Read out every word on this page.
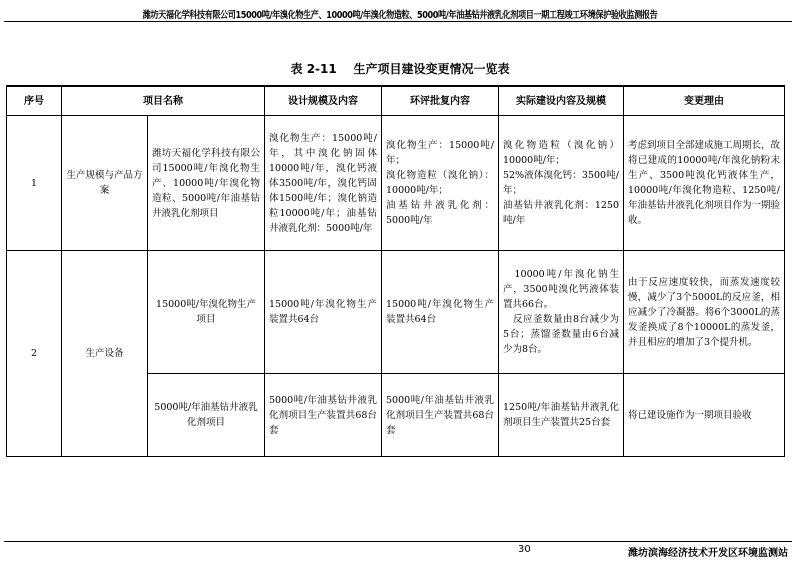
潍坊天福化学科技有限公司15000吨/年溴化物生产、10000吨/年溴化物造粒、5000吨/年油基钻井液乳化剂项目一期工程竣工环境保护验收监测报告
表 2-11    生产项目建设变更情况一览表
序号	项目名称		设计规模及内容	环评批复内容	实际建设内容及规模	变更理由
1	生产规模与产品方案	潍坊天福化学科技有限公司15000吨/年溴化物生产、10000吨/年溴化物造粒、5000吨/年油基钻井液乳化剂项目	溴化物生产：15000吨/年，其中溴化钠固体10000吨/年，溴化钙液体3500吨/年，溴化钙固体1500吨/年；溴化钠造粒10000吨/年；油基钻井液乳化剂：5000吨/年	溴化物生产：15000吨/年；
溴化物造粒（溴化钠）：10000吨/年；
油基钻井液乳化剂：5000吨/年	溴化物造粒（溴化钠）10000吨/年；
52%液体溴化钙：3500吨/年；
油基钻井液乳化剂：1250吨/年	考虑到项目全部建成施工周期长，故将已建成的10000吨/年溴化钠粉末生产、3500吨溴化钙液体生产，10000吨/年溴化物造粒、1250吨/年油基钻井液乳化剂项目作为一期验收。
2	生产设备	15000吨/年溴化物生产项目	15000吨/年溴化物生产装置共64台	15000吨/年溴化物生产装置共64台	　10000吨/年溴化钠生产，3500吨溴化钙液体装置共66台。
　反应釜数量由8台减少为5台；蒸馏釜数量由6台减少为8台。	由于反应速度较快，而蒸发速度较慢，减少了3个5000L的反应釜，相应减少了冷凝器。将6个3000L的蒸发釜换成了8个10000L的蒸发釜，并且相应的增加了3个提升机。
		5000吨/年油基钻井液乳化剂项目	5000吨/年油基钻井液乳化剂项目生产装置共68台套	5000吨/年油基钻井液乳化剂项目生产装置共68台套	1250吨/年油基钻井液乳化剂项目生产装置共25台套	将已建设施作为一期项目验收
30	潍坊滨海经济技术开发区环境监测站
